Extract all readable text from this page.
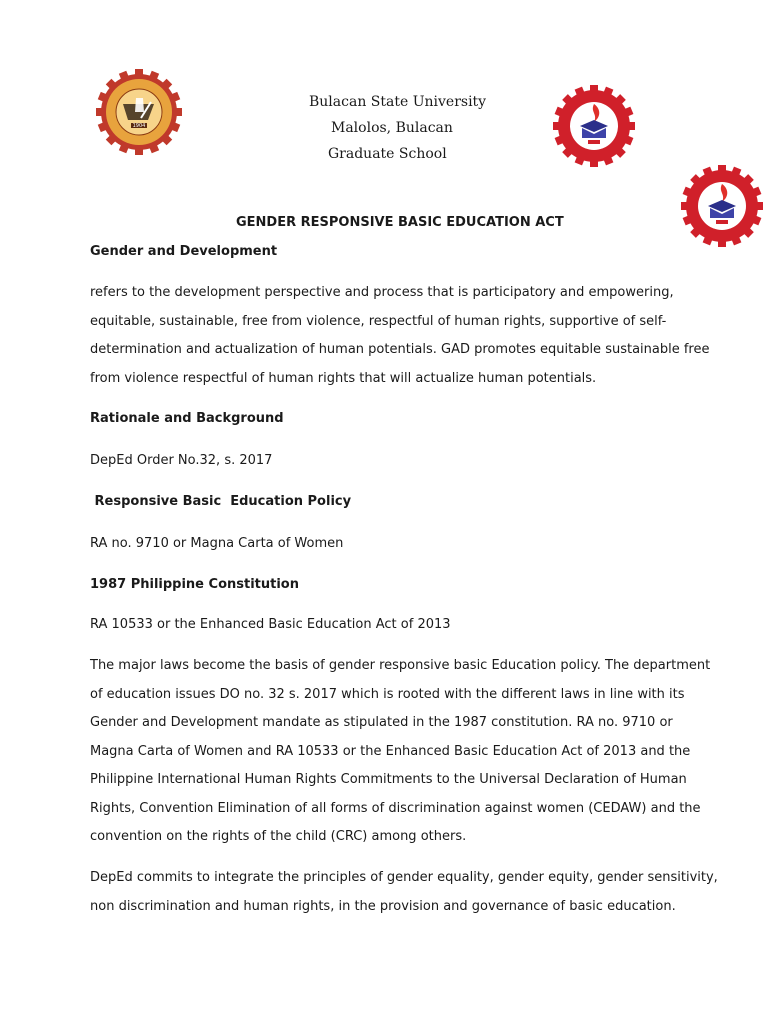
1904
Bulacan State University
Malolos, Bulacan
Graduate School
GENDER RESPONSIVE BASIC EDUCATION ACT
Gender and Development
refers to the development perspective and process that is participatory and empowering,
equitable, sustainable, free from violence, respectful of human rights, supportive of self-
determination and actualization of human potentials. GAD promotes equitable sustainable free
from violence respectful of human rights that will actualize human potentials.
Rationale and Background
DepEd Order No.32, s. 2017
Responsive Basic  Education Policy
RA no. 9710 or Magna Carta of Women
1987 Philippine Constitution
RA 10533 or the Enhanced Basic Education Act of 2013
The major laws become the basis of gender responsive basic Education policy. The department
of education issues DO no. 32 s. 2017 which is rooted with the different laws in line with its
Gender and Development mandate as stipulated in the 1987 constitution. RA no. 9710 or
Magna Carta of Women and RA 10533 or the Enhanced Basic Education Act of 2013 and the
Philippine International Human Rights Commitments to the Universal Declaration of Human
Rights, Convention Elimination of all forms of discrimination against women (CEDAW) and the
convention on the rights of the child (CRC) among others.
DepEd commits to integrate the principles of gender equality, gender equity, gender sensitivity,
non discrimination and human rights, in the provision and governance of basic education.
